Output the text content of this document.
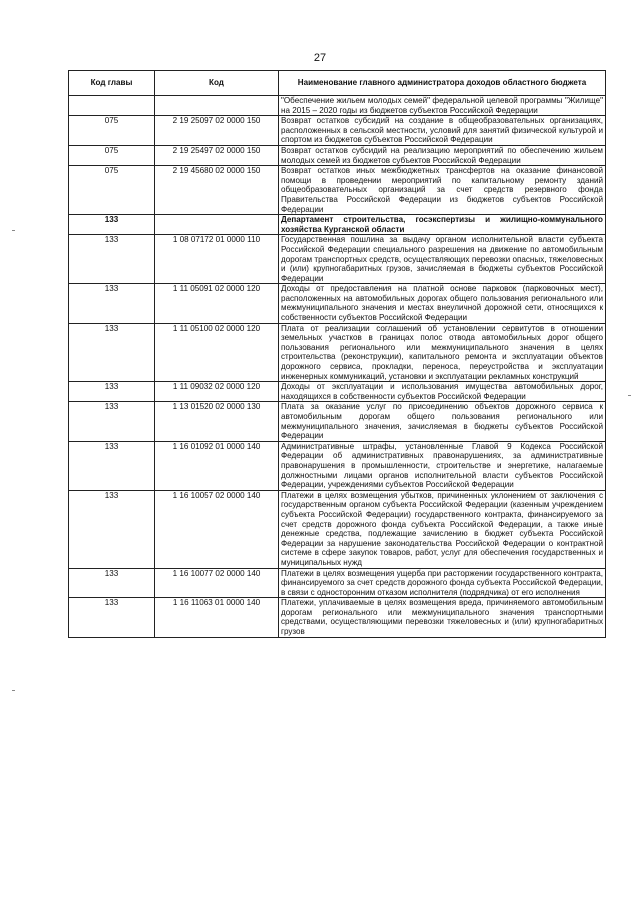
27
Код главы	Код	Наименование главного администратора доходов областного бюджета
		"Обеспечение жильем молодых семей" федеральной целевой программы "Жилище" на 2015 – 2020 годы из бюджетов субъектов Российской Федерации
075	2 19 25097 02 0000 150	Возврат остатков субсидий на создание в общеобразовательных организациях, расположенных в сельской местности, условий для занятий физической культурой и спортом из бюджетов субъектов Российской Федерации
075	2 19 25497 02 0000 150	Возврат остатков субсидий на реализацию мероприятий по обеспечению жильем молодых семей из бюджетов субъектов Российской Федерации
075	2 19 45680 02 0000 150	Возврат остатков иных межбюджетных трансфертов на оказание финансовой помощи в проведении мероприятий по капитальному ремонту зданий общеобразовательных организаций за счет средств резервного фонда Правительства Российской Федерации из бюджетов субъектов Российской Федерации
133		Департамент строительства, госэкспертизы и жилищно-коммунального хозяйства Курганской области
133	1 08 07172 01 0000 110	Государственная пошлина за выдачу органом исполнительной власти субъекта Российской Федерации специального разрешения на движение по автомобильным дорогам транспортных средств, осуществляющих перевозки опасных, тяжеловесных и (или) крупногабаритных грузов, зачисляемая в бюджеты субъектов Российской Федерации
133	1 11 05091 02 0000 120	Доходы от предоставления на платной основе парковок (парковочных мест), расположенных на автомобильных дорогах общего пользования регионального или межмуниципального значения и местах внеуличной дорожной сети, относящихся к собственности субъектов Российской Федерации
133	1 11 05100 02 0000 120	Плата от реализации соглашений об установлении сервитутов в отношении земельных участков в границах полос отвода автомобильных дорог общего пользования регионального или межмуниципального значения в целях строительства (реконструкции), капитального ремонта и эксплуатации объектов дорожного сервиса, прокладки, переноса, переустройства и эксплуатации инженерных коммуникаций, установки и эксплуатации рекламных конструкций
133	1 11 09032 02 0000 120	Доходы от эксплуатации и использования имущества автомобильных дорог, находящихся в собственности субъектов Российской Федерации
133	1 13 01520 02 0000 130	Плата за оказание услуг по присоединению объектов дорожного сервиса к автомобильным дорогам общего пользования регионального или межмуниципального значения, зачисляемая в бюджеты субъектов Российской Федерации
133	1 16 01092 01 0000 140	Административные штрафы, установленные Главой 9 Кодекса Российской Федерации об административных правонарушениях, за административные правонарушения в промышленности, строительстве и энергетике, налагаемые должностными лицами органов исполнительной власти субъектов Российской Федерации, учреждениями субъектов Российской Федерации
133	1 16 10057 02 0000 140	Платежи в целях возмещения убытков, причиненных уклонением от заключения с государственным органом субъекта Российской Федерации (казенным учреждением субъекта Российской Федерации) государственного контракта, финансируемого за счет средств дорожного фонда субъекта Российской Федерации, а также иные денежные средства, подлежащие зачислению в бюджет субъекта Российской Федерации за нарушение законодательства Российской Федерации о контрактной системе в сфере закупок товаров, работ, услуг для обеспечения государственных и муниципальных нужд
133	1 16 10077 02 0000 140	Платежи в целях возмещения ущерба при расторжении государственного контракта, финансируемого за счет средств дорожного фонда субъекта Российской Федерации, в связи с односторонним отказом исполнителя (подрядчика) от его исполнения
133	1 16 11063 01 0000 140	Платежи, уплачиваемые в целях возмещения вреда, причиняемого автомобильным дорогам регионального или межмуниципального значения транспортными средствами, осуществляющими перевозки тяжеловесных и (или) крупногабаритных грузов
